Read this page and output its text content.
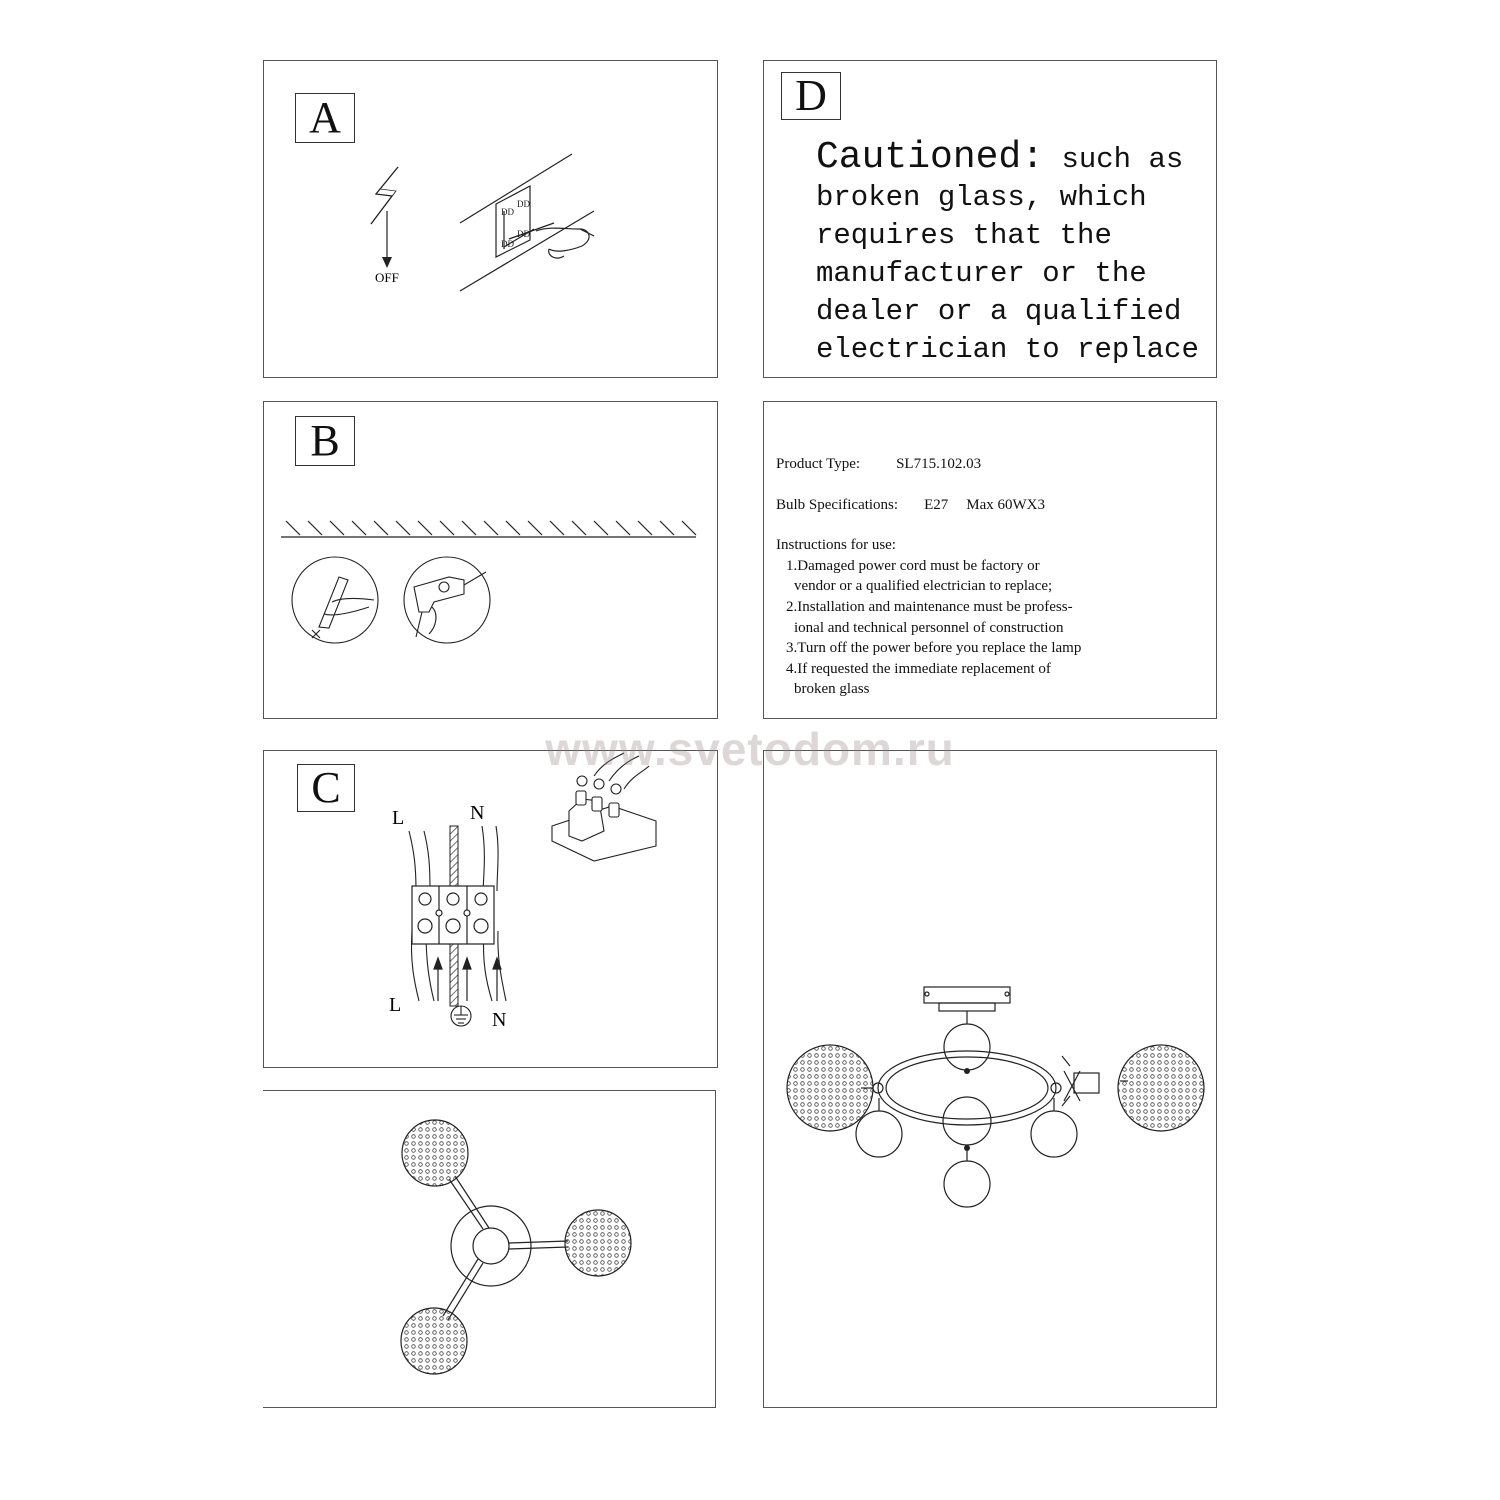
A
OFF
DD
DD
DD
DD
D
Cautioned: such as
broken glass, which
requires that the
manufacturer or the
dealer or a qualified
electrician to replace
B	Product Type: SL715.102.03
Bulb Specifications: E27 Max 60WX3
Instructions for use:
1.Damaged power cord must be factory or
vendor or a qualified electrician to replace;
2.Installation and maintenance must be profess-
ional and technical personnel of construction
3.Turn off the power before you replace the lamp
4.If requested the immediate replacement of
broken glass
C
L	N
L
N
www.svetodom.ru
